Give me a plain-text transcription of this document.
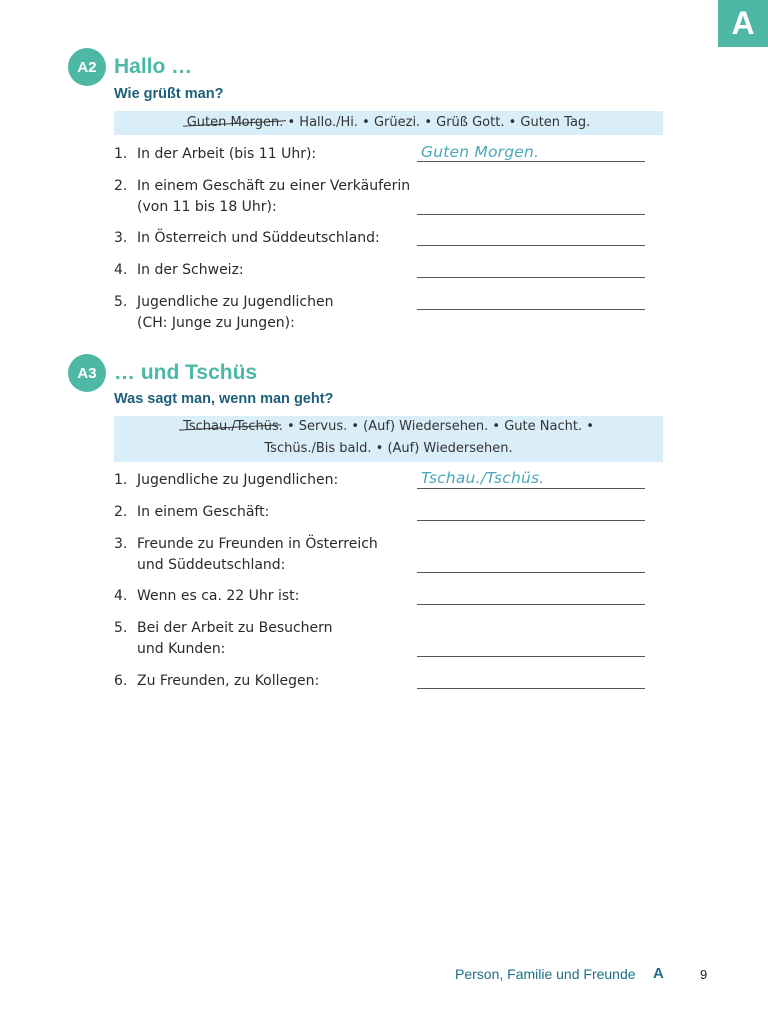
A
A2 Hallo …
Wie grüßt man?
Guten Morgen. • Hallo./Hi. • Grüezi. • Grüß Gott. • Guten Tag.
1. In der Arbeit (bis 11 Uhr):	Guten Morgen.
2. In einem Geschäft zu einer Verkäuferin
(von 11 bis 18 Uhr):
3. In Österreich und Süddeutschland:
4. In der Schweiz:
5. Jugendliche zu Jugendlichen
(CH: Junge zu Jungen):
A3 … und Tschüs
Was sagt man, wenn man geht?
Tschau./Tschüs. • Servus. • (Auf) Wiedersehen. • Gute Nacht. •
Tschüs./Bis bald. • (Auf) Wiedersehen.
1. Jugendliche zu Jugendlichen:	Tschau./Tschüs.
2. In einem Geschäft:
3. Freunde zu Freunden in Österreich
und Süddeutschland:
4. Wenn es ca. 22 Uhr ist:
5. Bei der Arbeit zu Besuchern
und Kunden:
6. Zu Freunden, zu Kollegen:
Person, Familie und Freunde A	9
